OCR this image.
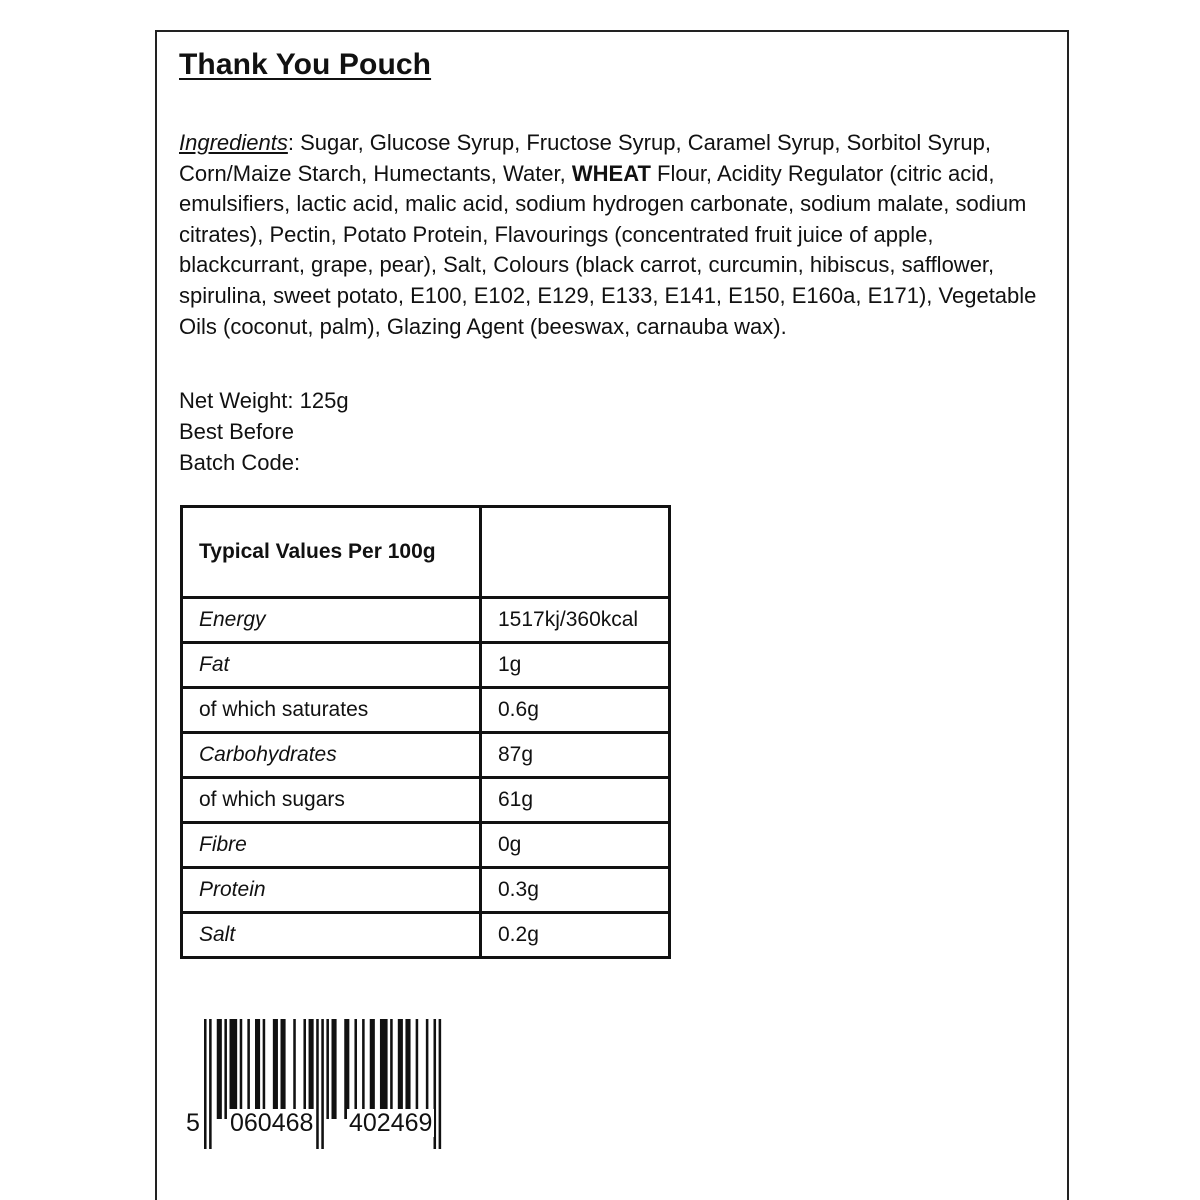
Thank You Pouch

Ingredients: Sugar, Glucose Syrup, Fructose Syrup, Caramel Syrup, Sorbitol Syrup, Corn/Maize Starch, Humectants, Water, WHEAT Flour, Acidity Regulator (citric acid, emulsifiers, lactic acid, malic acid, sodium hydrogen carbonate, sodium malate, sodium citrates), Pectin, Potato Protein, Flavourings (concentrated fruit juice of apple, blackcurrant, grape, pear), Salt, Colours (black carrot, curcumin, hibiscus, safflower, spirulina, sweet potato, E100, E102, E129, E133, E141, E150, E160a, E171), Vegetable Oils (coconut, palm), Glazing Agent (beeswax, carnauba wax).

Net Weight: 125g
Best Before
Batch Code:
Typical Values Per 100g	
Energy	1517kj/360kcal
Fat	1g
of which saturates	0.6g
Carbohydrates	87g
of which sugars	61g
Fibre	0g
Protein	0.3g
Salt	0.2g
5 060468 402469
